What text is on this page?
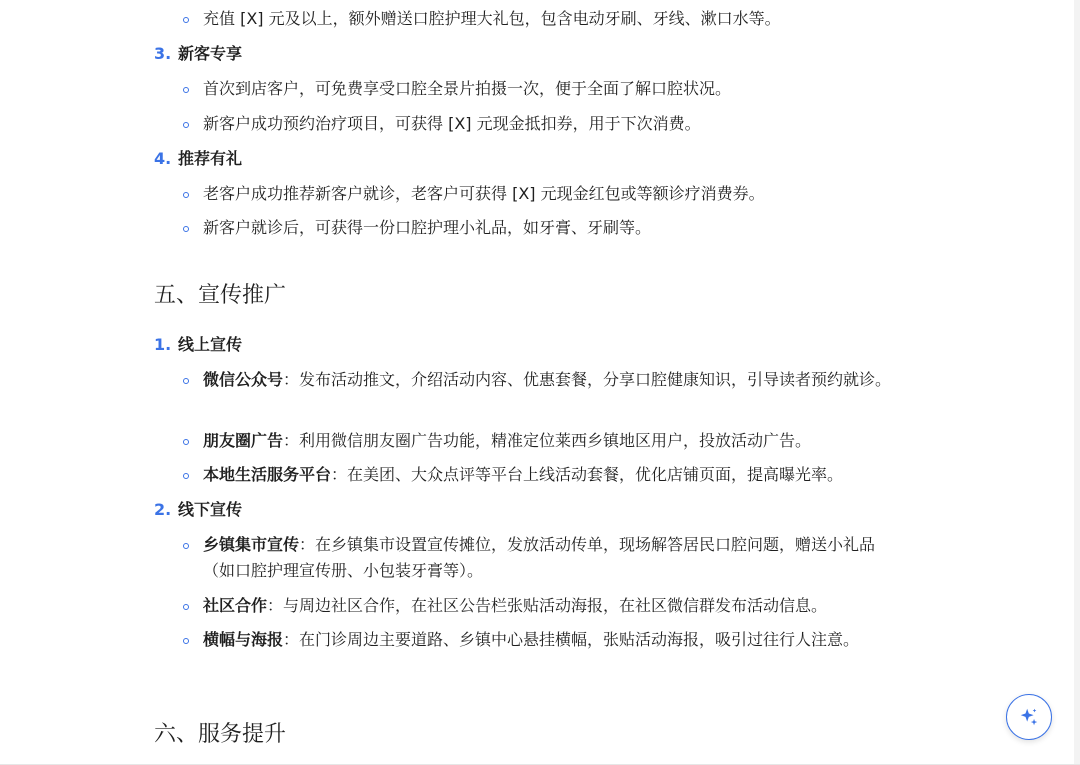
充值 [X] 元及以上，额外赠送口腔护理大礼包，包含电动牙刷、牙线、漱口水等。
3. 新客专享
首次到店客户，可免费享受口腔全景片拍摄一次，便于全面了解口腔状况。
新客户成功预约治疗项目，可获得 [X] 元现金抵扣券，用于下次消费。
4. 推荐有礼
老客户成功推荐新客户就诊，老客户可获得 [X] 元现金红包或等额诊疗消费券。
新客户就诊后，可获得一份口腔护理小礼品，如牙膏、牙刷等。
五、宣传推广
1. 线上宣传
微信公众号：发布活动推文，介绍活动内容、优惠套餐，分享口腔健康知识，引导读者预约就诊。
朋友圈广告：利用微信朋友圈广告功能，精准定位莱西乡镇地区用户，投放活动广告。
本地生活服务平台：在美团、大众点评等平台上线活动套餐，优化店铺页面，提高曝光率。
2. 线下宣传
乡镇集市宣传：在乡镇集市设置宣传摊位，发放活动传单，现场解答居民口腔问题，赠送小礼品（如口腔护理宣传册、小包装牙膏等）。
社区合作：与周边社区合作，在社区公告栏张贴活动海报，在社区微信群发布活动信息。
横幅与海报：在门诊周边主要道路、乡镇中心悬挂横幅，张贴活动海报，吸引过往行人注意。
六、服务提升
